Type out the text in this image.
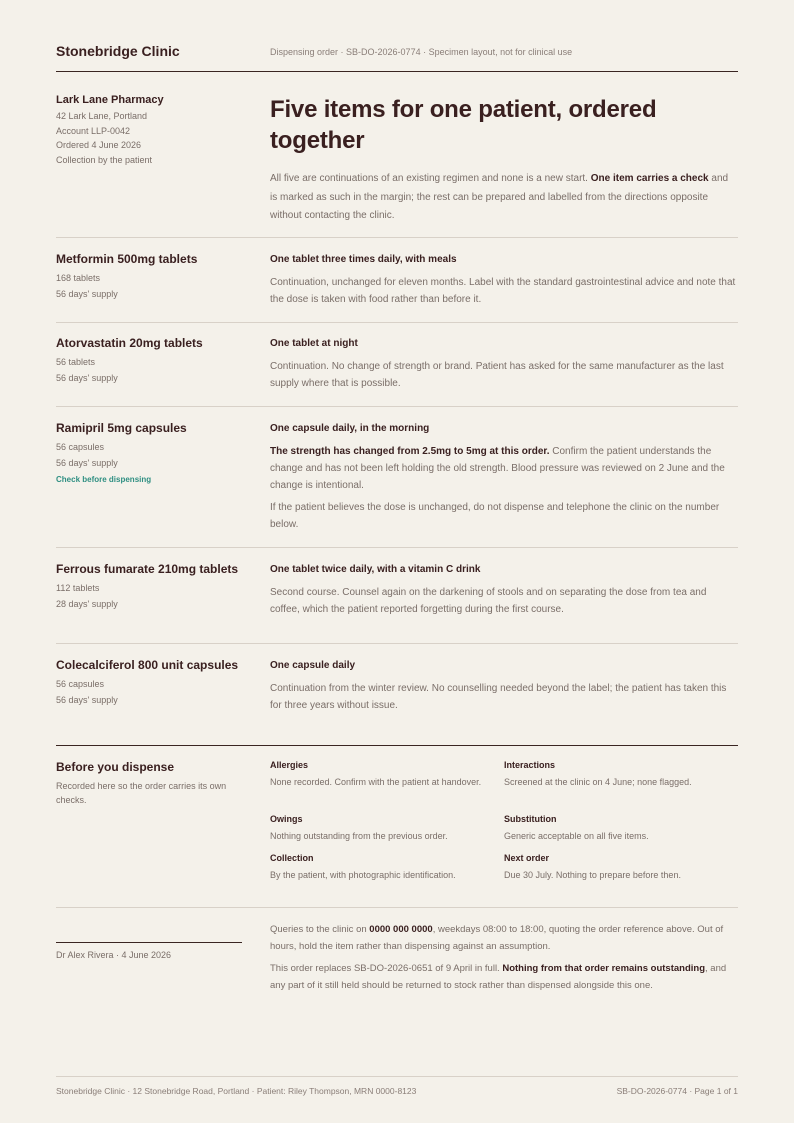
Stonebridge Clinic	Dispensing order · SB-DO-2026-0774 · Specimen layout, not for clinical use
Lark Lane Pharmacy
42 Lark Lane, Portland
Account LLP-0042
Ordered 4 June 2026
Collection by the patient
Five items for one patient, ordered together

All five are continuations of an existing regimen and none is a new start. One item carries a check and is marked as such in the margin; the rest can be prepared and labelled from the directions opposite without contacting the clinic.

Metformin 500mg tablets
168 tablets
56 days' supply
One tablet three times daily, with meals
Continuation, unchanged for eleven months. Label with the standard gastrointestinal advice and note that the dose is taken with food rather than before it.
Atorvastatin 20mg tablets
56 tablets
56 days' supply
One tablet at night
Continuation. No change of strength or brand. Patient has asked for the same manufacturer as the last supply where that is possible.
Ramipril 5mg capsules
56 capsules
56 days' supply
Check before dispensing
One capsule daily, in the morning
The strength has changed from 2.5mg to 5mg at this order. Confirm the patient understands the change and has not been left holding the old strength. Blood pressure was reviewed on 2 June and the change is intentional.
If the patient believes the dose is unchanged, do not dispense and telephone the clinic on the number below.
Ferrous fumarate 210mg tablets
112 tablets
28 days' supply
One tablet twice daily, with a vitamin C drink
Second course. Counsel again on the darkening of stools and on separating the dose from tea and coffee, which the patient reported forgetting during the first course.
Colecalciferol 800 unit capsules
56 capsules
56 days' supply
One capsule daily
Continuation from the winter review. No counselling needed beyond the label; the patient has taken this for three years without issue.
Before you dispense
Recorded here so the order carries its own checks.
Allergies
None recorded. Confirm with the patient at handover.
Interactions
Screened at the clinic on 4 June; none flagged.
Owings
Nothing outstanding from the previous order.
Substitution
Generic acceptable on all five items.
Collection
By the patient, with photographic identification.
Next order
Due 30 July. Nothing to prepare before then.
Dr Alex Rivera · 4 June 2026
Queries to the clinic on 0000 000 0000, weekdays 08:00 to 18:00, quoting the order reference above. Out of hours, hold the item rather than dispensing against an assumption.
This order replaces SB-DO-2026-0651 of 9 April in full. Nothing from that order remains outstanding, and any part of it still held should be returned to stock rather than dispensed alongside this one.
Stonebridge Clinic · 12 Stonebridge Road, Portland · Patient: Riley Thompson, MRN 0000-8123	SB-DO-2026-0774 · Page 1 of 1
